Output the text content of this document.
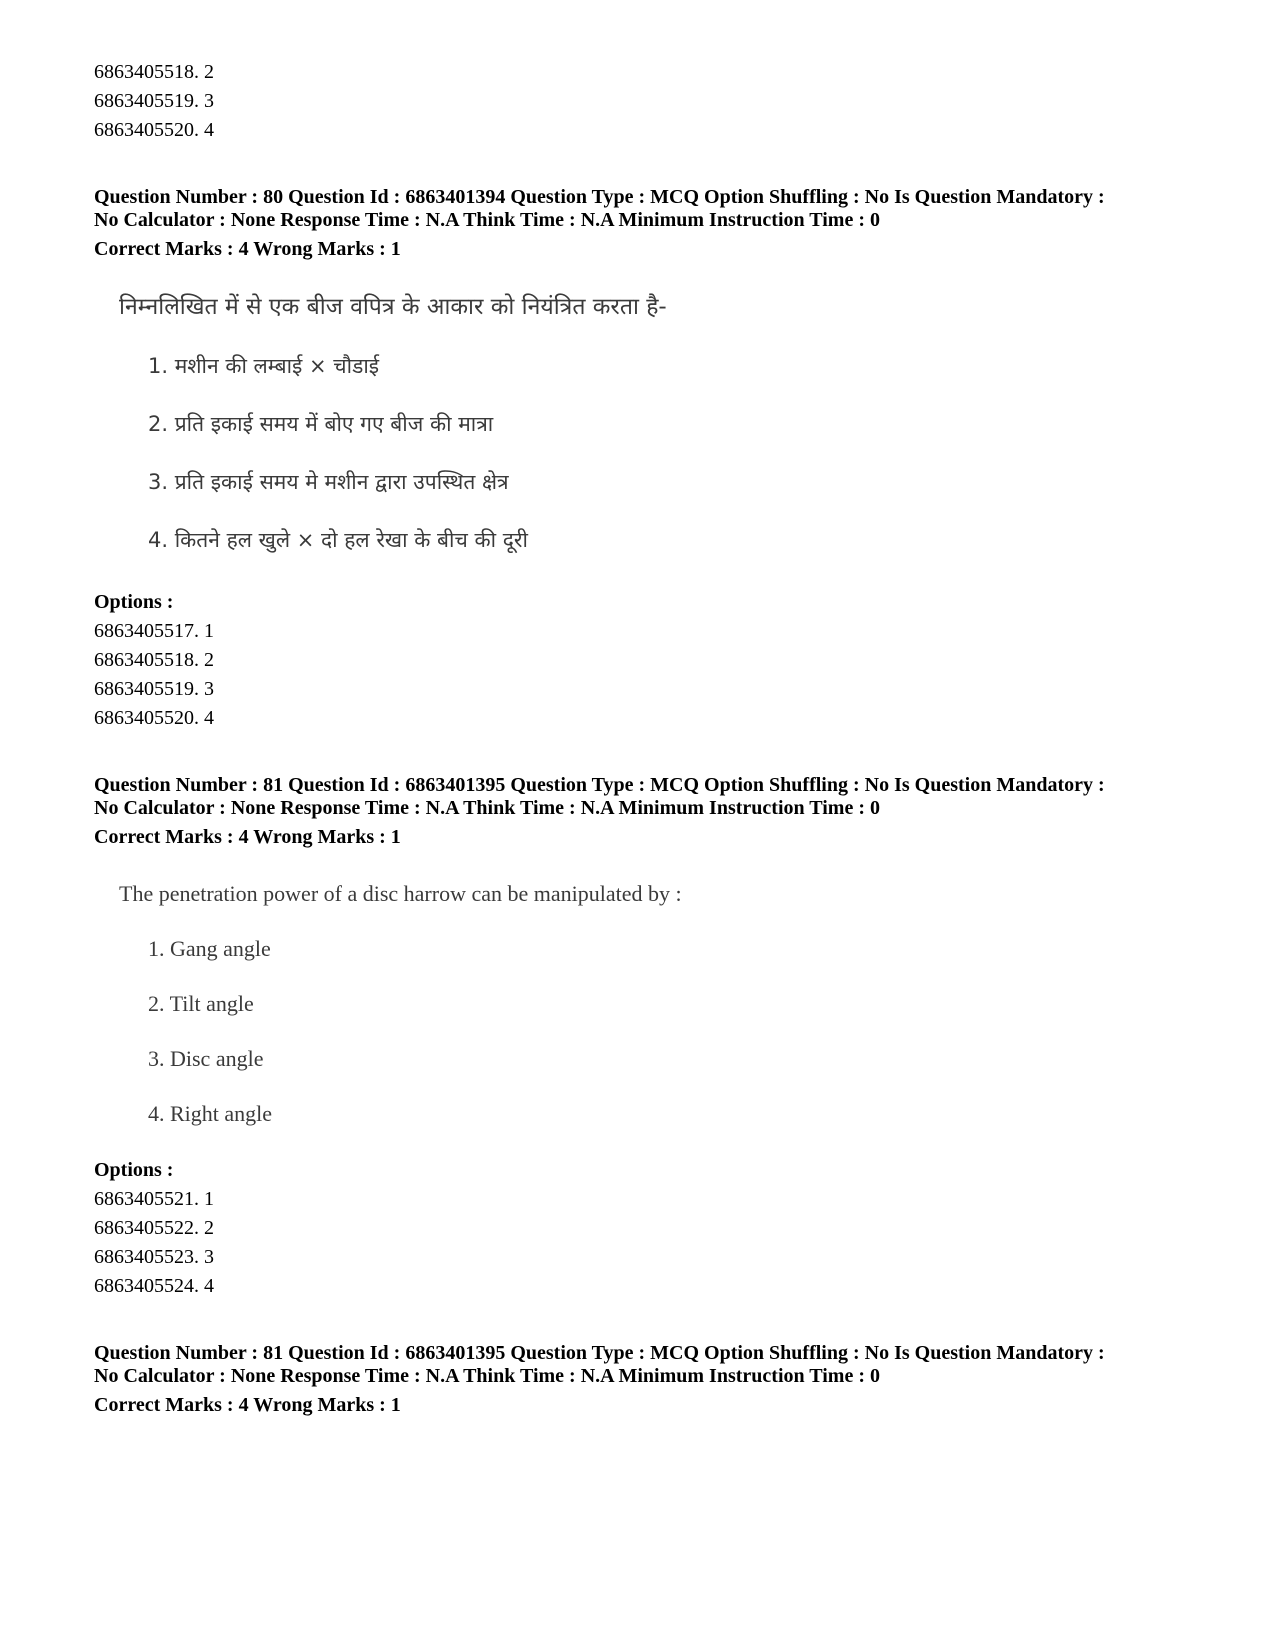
6863405518. 2
6863405519. 3
6863405520. 4
Question Number : 80 Question Id : 6863401394 Question Type : MCQ Option Shuffling : No Is Question Mandatory :
No Calculator : None Response Time : N.A Think Time : N.A Minimum Instruction Time : 0
Correct Marks : 4 Wrong Marks : 1
निम्नलिखित में से एक बीज वपित्र के आकार को नियंत्रित करता है-
1. मशीन की लम्बाई × चौडाई
2. प्रति इकाई समय में बोए गए बीज की मात्रा
3. प्रति इकाई समय मे मशीन द्वारा उपस्थित क्षेत्र
4. कितने हल खुले × दो हल रेखा के बीच की दूरी
Options :
6863405517. 1
6863405518. 2
6863405519. 3
6863405520. 4
Question Number : 81 Question Id : 6863401395 Question Type : MCQ Option Shuffling : No Is Question Mandatory :
No Calculator : None Response Time : N.A Think Time : N.A Minimum Instruction Time : 0
Correct Marks : 4 Wrong Marks : 1
The penetration power of a disc harrow can be manipulated by :
1. Gang angle
2. Tilt angle
3. Disc angle
4. Right angle
Options :
6863405521. 1
6863405522. 2
6863405523. 3
6863405524. 4
Question Number : 81 Question Id : 6863401395 Question Type : MCQ Option Shuffling : No Is Question Mandatory :
No Calculator : None Response Time : N.A Think Time : N.A Minimum Instruction Time : 0
Correct Marks : 4 Wrong Marks : 1
